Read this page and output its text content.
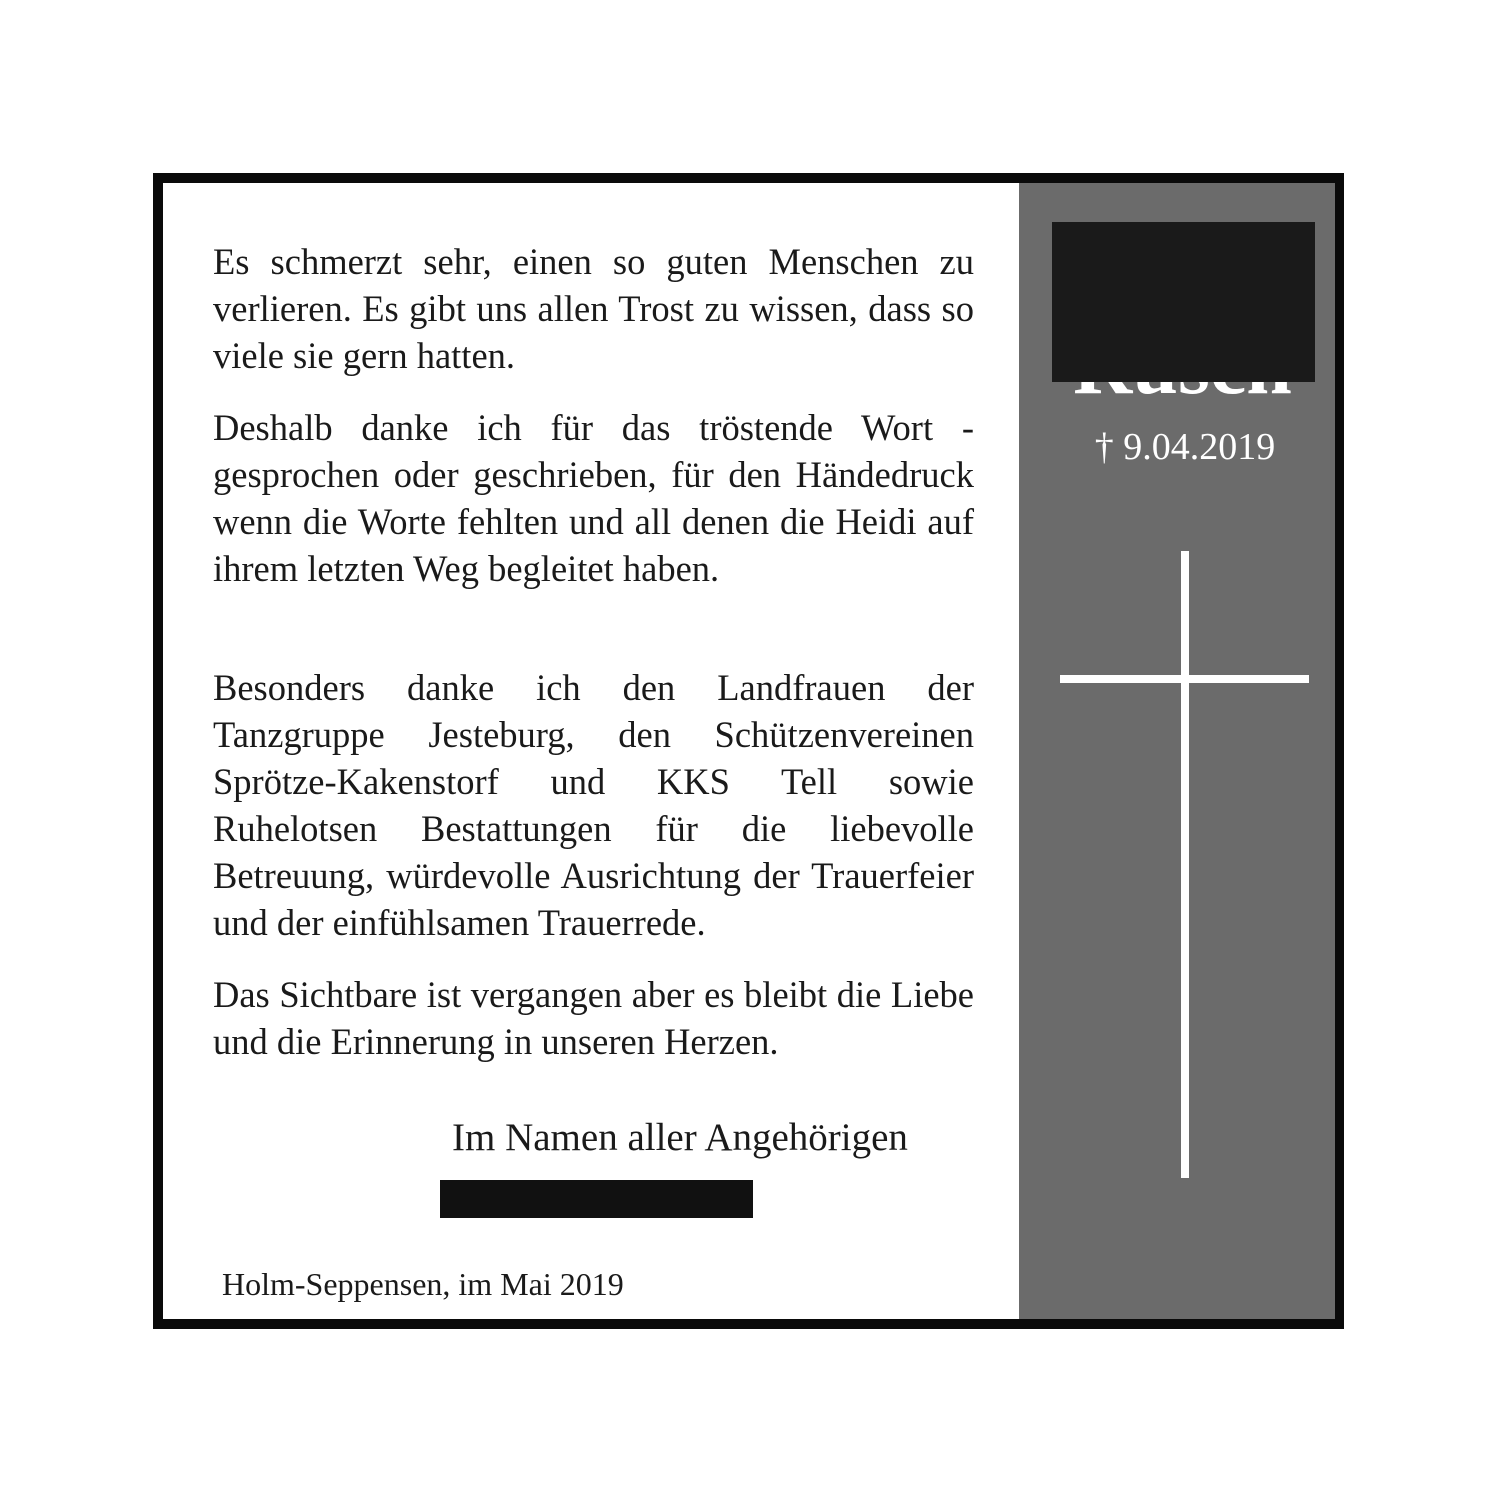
† 9.04.2019

Es schmerzt sehr, einen so guten Menschen zu verlieren. Es gibt uns allen Trost zu wissen, dass so viele sie gern hatten.

Deshalb danke ich für das tröstende Wort - gesprochen oder geschrieben, für den Händedruck wenn die Worte fehlten und all denen die Heidi auf ihrem letzten Weg begleitet haben.

Besonders danke ich den Landfrauen der Tanzgruppe Jesteburg, den Schützenvereinen Sprötze-Kakenstorf und KKS Tell sowie Ruhelotsen Bestattungen für die liebevolle Betreuung, würdevolle Ausrichtung der Trauerfeier und der einfühlsamen Trauerrede.

Das Sichtbare ist vergangen aber es bleibt die Liebe und die Erinnerung in unseren Herzen.

Im Namen aller Angehörigen
Holm-Seppensen, im Mai 2019
